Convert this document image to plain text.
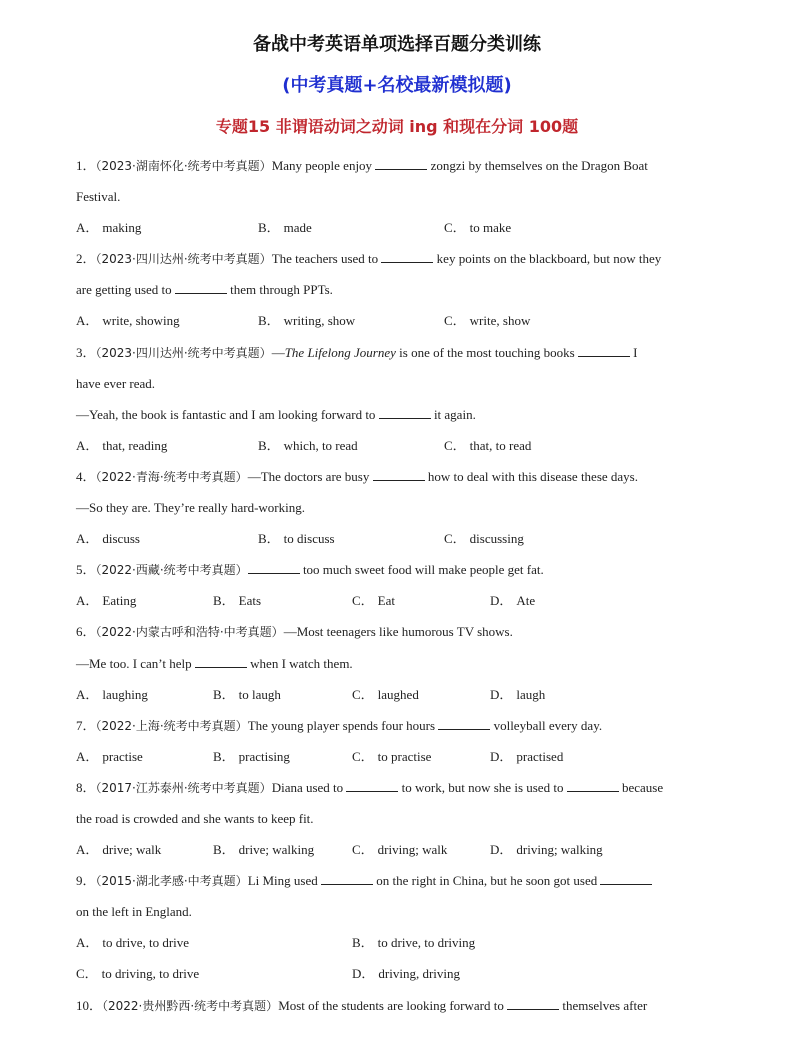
备战中考英语单项选择百题分类训练
(中考真题+名校最新模拟题)
专题15 非谓语动词之动词 ing 和现在分词 100题
1．（2023·湖南怀化·统考中考真题）Many people enjoy	zongzi by themselves on the Dragon Boat
Festival.
A． making	B． made	C． to make
2．（2023·四川达州·统考中考真题）The teachers used to	key points on the blackboard, but now they
are getting used to	them through PPTs.
A． write, showing	B． writing, show	C． write, show
3．（2023·四川达州·统考中考真题）—The Lifelong Journey is one of the most touching books	I
have ever read.
—Yeah, the book is fantastic and I am looking forward to	it again.
A． that, reading	B． which, to read	C． that, to read
4．（2022·青海·统考中考真题）—The doctors are busy	how to deal with this disease these days.
—So they are. They’re really hard-working.
A． discuss	B． to discuss	C． discussing
5．（2022·西藏·统考中考真题）	too much sweet food will make people get fat.
A． Eating	B． Eats	C． Eat	D． Ate
6．（2022·内蒙古呼和浩特·中考真题）—Most teenagers like humorous TV shows.
—Me too. I can’t help	when I watch them.
A． laughing	B． to laugh	C． laughed	D． laugh
7．（2022·上海·统考中考真题）The young player spends four hours	volleyball every day.
A． practise	B． practising	C． to practise	D． practised
8．（2017·江苏泰州·统考中考真题）Diana used to	to work, but now she is used to	because
the road is crowded and she wants to keep fit.
A． drive; walk	B． drive; walking	C． driving; walk	D． driving; walking
9．（2015·湖北孝感·中考真题）Li Ming used	on the right in China, but he soon got used
on the left in England.
A． to drive, to drive	B． to drive, to driving
C． to driving, to drive	D． driving, driving
10．（2022·贵州黔西·统考中考真题）Most of the students are looking forward to	themselves after
